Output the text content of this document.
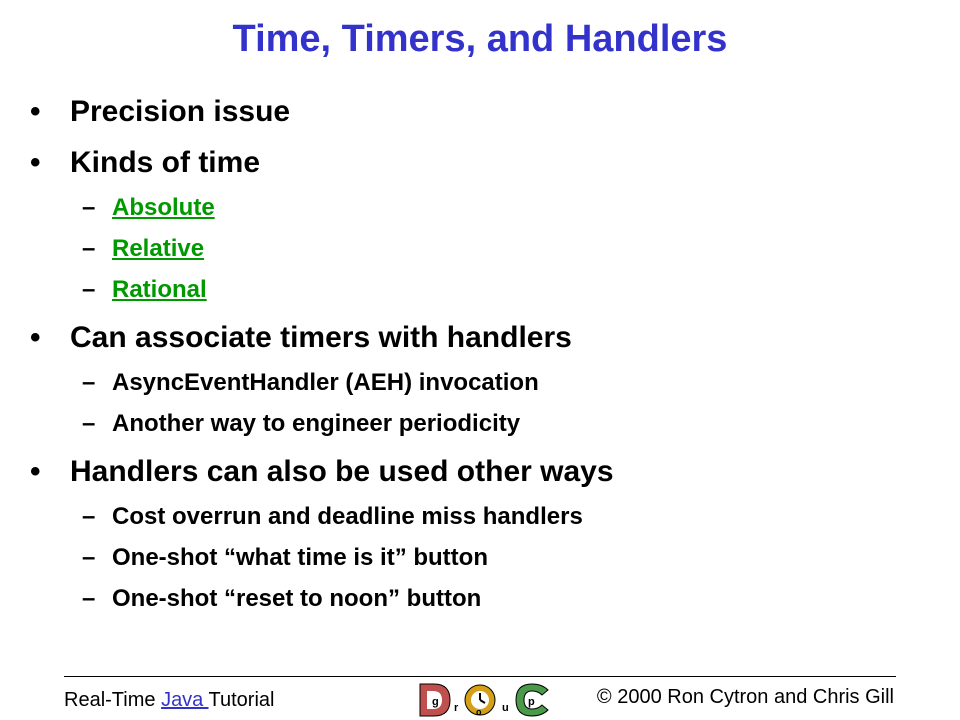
Time, Timers, and Handlers
• Precision issue
• Kinds of time
– Absolute
– Relative
– Rational
• Can associate timers with handlers
– AsyncEventHandler (AEH) invocation
– Another way to engineer periodicity
• Handlers can also be used other ways
– Cost overrun and deadline miss handlers
– One-shot “what time is it” button
– One-shot “reset to noon” button
Real-Time Java Tutorial	g r o u p	© 2000 Ron Cytron and Chris Gill
